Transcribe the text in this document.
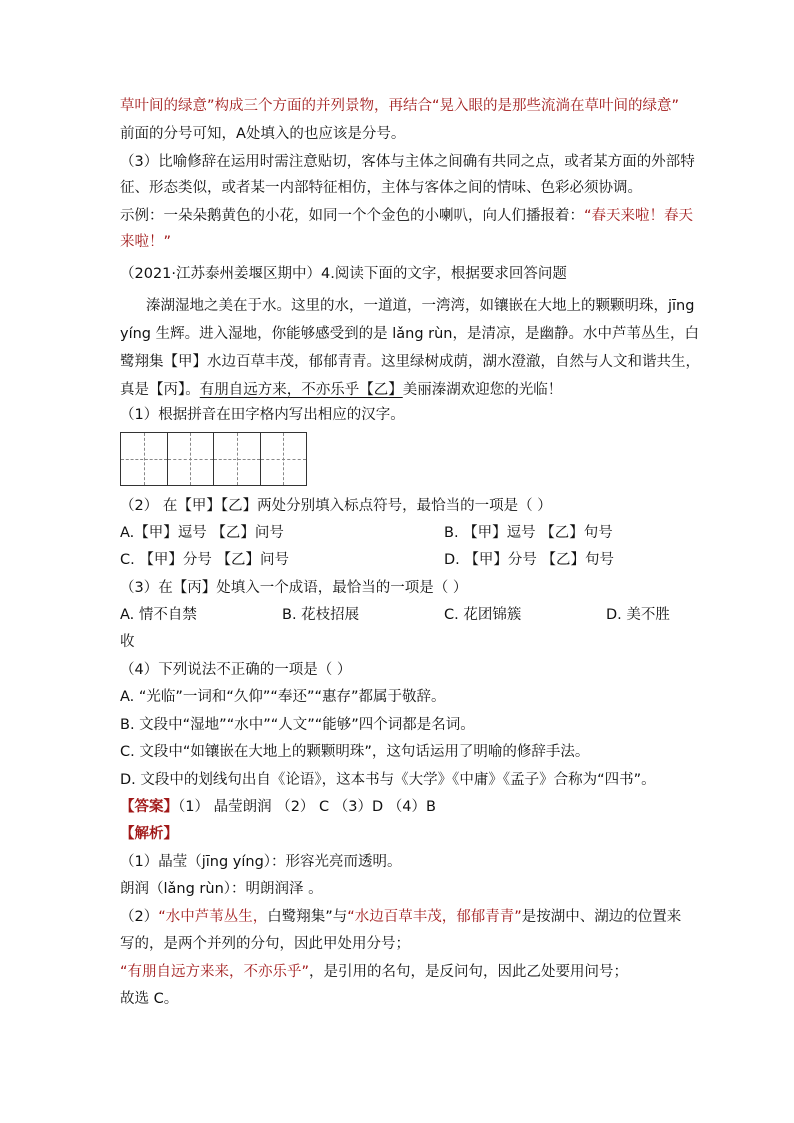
草叶间的绿意”构成三个方面的并列景物，再结合“晃入眼的是那些流淌在草叶间的绿意”
前面的分号可知，A处填入的也应该是分号。
（3）比喻修辞在运用时需注意贴切，客体与主体之间确有共同之点，或者某方面的外部特
征、形态类似，或者某一内部特征相仿，主体与客体之间的情味、色彩必须协调。
示例：一朵朵鹅黄色的小花，如同一个个金色的小喇叭，向人们播报着：“春天来啦！春天
来啦！”
（2021·江苏泰州姜堰区期中）4.阅读下面的文字，根据要求回答问题
溱湖湿地之美在于水。这里的水，一道道，一湾湾，如镶嵌在大地上的颗颗明珠，jīng
yíng 生辉。进入湿地，你能够感受到的是 lǎng rùn，是清凉，是幽静。水中芦苇丛生，白
鹭翔集【甲】水边百草丰茂，郁郁青青。这里绿树成荫，湖水澄澈，自然与人文和谐共生，
真是【丙】。有朋自远方来，不亦乐乎【乙】美丽溱湖欢迎您的光临！
（1）根据拼音在田字格内写出相应的汉字。
（2） 在【甲】【乙】两处分别填入标点符号，最恰当的一项是（ ）
A.【甲】逗号 【乙】问号	B. 【甲】逗号 【乙】句号
C. 【甲】分号 【乙】问号	D. 【甲】分号 【乙】句号
（3）在【丙】处填入一个成语，最恰当的一项是（ ）
A. 情不自禁	B. 花枝招展	C. 花团锦簇	D. 美不胜
收
（4）下列说法不正确的一项是（ ）
A. “光临”一词和“久仰”“奉还”“惠存”都属于敬辞。
B. 文段中“湿地”“水中”“人文”“能够”四个词都是名词。
C. 文段中“如镶嵌在大地上的颗颗明珠”，这句话运用了明喻的修辞手法。
D. 文段中的划线句出自《论语》，这本书与《大学》《中庸》《孟子》合称为“四书”。
【答案】（1） 晶莹朗润 （2） C （3）D （4）B
【解析】
（1）晶莹（jīng yíng）：形容光亮而透明。
朗润（lǎng rùn）：明朗润泽 。
（2）“水中芦苇丛生，白鹭翔集”与“水边百草丰茂，郁郁青青”是按湖中、湖边的位置来
写的，是两个并列的分句，因此甲处用分号；
“有朋自远方来来，不亦乐乎”，是引用的名句，是反问句，因此乙处要用问号；
故选 C。
